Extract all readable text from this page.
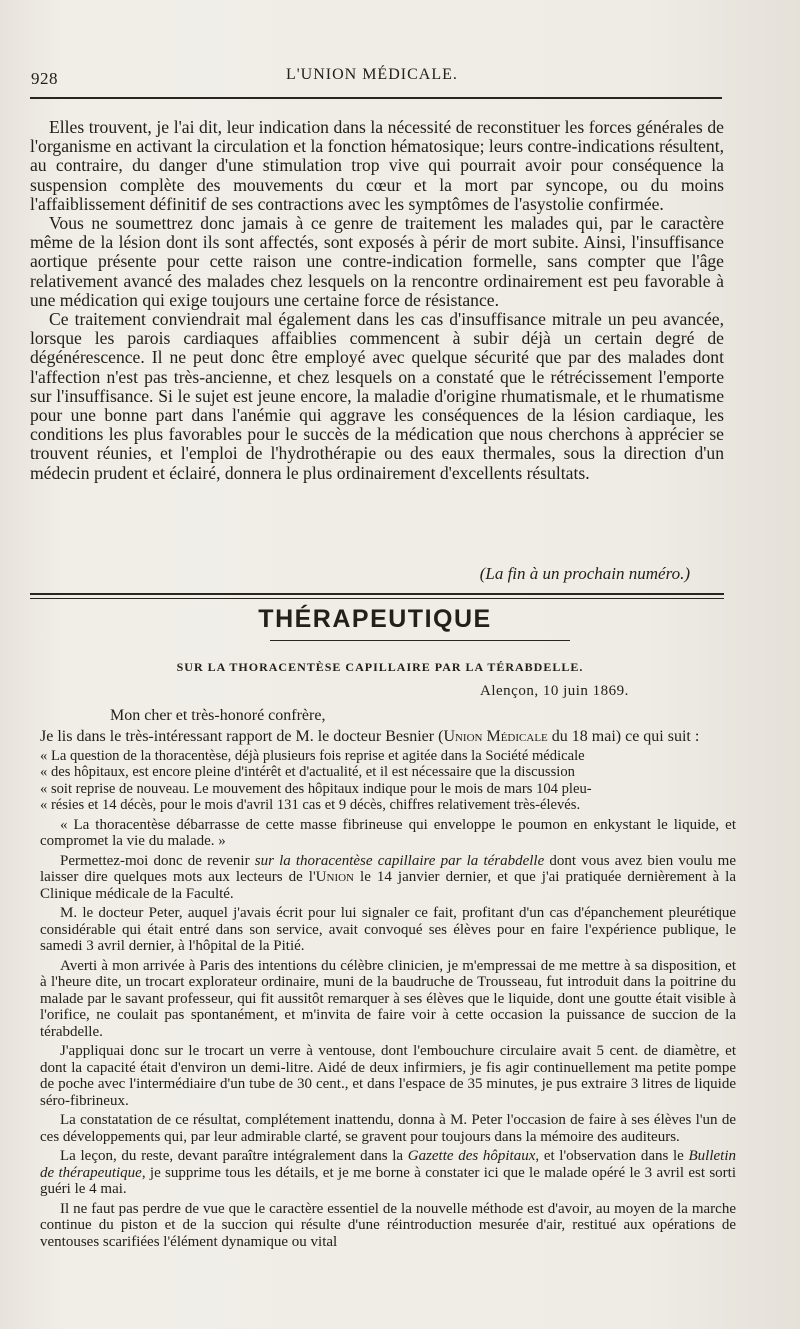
928	L'UNION MÉDICALE.

Elles trouvent, je l'ai dit, leur indication dans la nécessité de reconstituer les forces générales de l'organisme en activant la circulation et la fonction hématosique; leurs contre-indications résultent, au contraire, du danger d'une stimulation trop vive qui pourrait avoir pour conséquence la suspension complète des mouvements du cœur et la mort par syncope, ou du moins l'affaiblissement définitif de ses contractions avec les symptômes de l'asystolie confirmée.

Vous ne soumettrez donc jamais à ce genre de traitement les malades qui, par le caractère même de la lésion dont ils sont affectés, sont exposés à périr de mort subite. Ainsi, l'insuffisance aortique présente pour cette raison une contre-indication formelle, sans compter que l'âge relativement avancé des malades chez lesquels on la rencontre ordinairement est peu favorable à une médication qui exige toujours une certaine force de résistance.

Ce traitement conviendrait mal également dans les cas d'insuffisance mitrale un peu avancée, lorsque les parois cardiaques affaiblies commencent à subir déjà un certain degré de dégénérescence. Il ne peut donc être employé avec quelque sécurité que par des malades dont l'affection n'est pas très-ancienne, et chez lesquels on a constaté que le rétrécissement l'emporte sur l'insuffisance. Si le sujet est jeune encore, la maladie d'origine rhumatismale, et le rhumatisme pour une bonne part dans l'anémie qui aggrave les conséquences de la lésion cardiaque, les conditions les plus favorables pour le succès de la médication que nous cherchons à apprécier se trouvent réunies, et l'emploi de l'hydrothérapie ou des eaux thermales, sous la direction d'un médecin prudent et éclairé, donnera le plus ordinairement d'excellents résultats.

(La fin à un prochain numéro.)
THÉRAPEUTIQUE
SUR LA THORACENTÈSE CAPILLAIRE PAR LA TÉRABDELLE.
Alençon, 10 juin 1869.

Mon cher et très-honoré confrère,

Je lis dans le très-intéressant rapport de M. le docteur Besnier (Union Médicale du 18 mai) ce qui suit :

« La question de la thoracentèse, déjà plusieurs fois reprise et agitée dans la Société médicale
« des hôpitaux, est encore pleine d'intérêt et d'actualité, et il est nécessaire que la discussion
« soit reprise de nouveau. Le mouvement des hôpitaux indique pour le mois de mars 104 pleu-
« résies et 14 décès, pour le mois d'avril 131 cas et 9 décès, chiffres relativement très-élevés.

« La thoracentèse débarrasse de cette masse fibrineuse qui enveloppe le poumon en enkystant le liquide, et compromet la vie du malade. »

Permettez-moi donc de revenir sur la thoracentèse capillaire par la térabdelle dont vous avez bien voulu me laisser dire quelques mots aux lecteurs de l'Union le 14 janvier dernier, et que j'ai pratiquée dernièrement à la Clinique médicale de la Faculté.

M. le docteur Peter, auquel j'avais écrit pour lui signaler ce fait, profitant d'un cas d'épanchement pleurétique considérable qui était entré dans son service, avait convoqué ses élèves pour en faire l'expérience publique, le samedi 3 avril dernier, à l'hôpital de la Pitié.

Averti à mon arrivée à Paris des intentions du célèbre clinicien, je m'empressai de me mettre à sa disposition, et à l'heure dite, un trocart explorateur ordinaire, muni de la baudruche de Trousseau, fut introduit dans la poitrine du malade par le savant professeur, qui fit aussitôt remarquer à ses élèves que le liquide, dont une goutte était visible à l'orifice, ne coulait pas spontanément, et m'invita de faire voir à cette occasion la puissance de succion de la térabdelle.

J'appliquai donc sur le trocart un verre à ventouse, dont l'embouchure circulaire avait 5 cent. de diamètre, et dont la capacité était d'environ un demi-litre. Aidé de deux infirmiers, je fis agir continuellement ma petite pompe de poche avec l'intermédiaire d'un tube de 30 cent., et dans l'espace de 35 minutes, je pus extraire 3 litres de liquide séro-fibrineux.

La constatation de ce résultat, complétement inattendu, donna à M. Peter l'occasion de faire à ses élèves l'un de ces développements qui, par leur admirable clarté, se gravent pour toujours dans la mémoire des auditeurs.

La leçon, du reste, devant paraître intégralement dans la Gazette des hôpitaux, et l'observation dans le Bulletin de thérapeutique, je supprime tous les détails, et je me borne à constater ici que le malade opéré le 3 avril est sorti guéri le 4 mai.

Il ne faut pas perdre de vue que le caractère essentiel de la nouvelle méthode est d'avoir, au moyen de la marche continue du piston et de la succion qui résulte d'une réintroduction mesurée d'air, restitué aux opérations de ventouses scarifiées l'élément dynamique ou vital
